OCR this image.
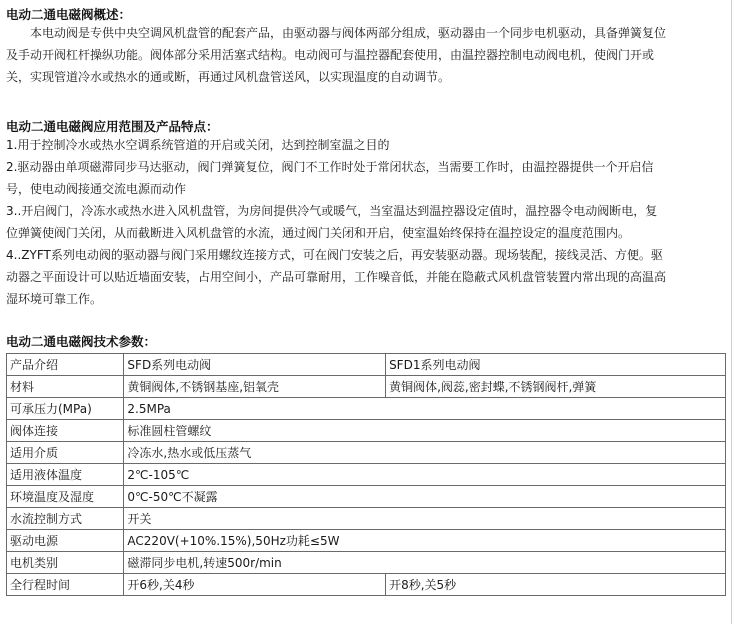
电动二通电磁阀概述：
本电动阀是专供中央空调风机盘管的配套产品，由驱动器与阀体两部分组成，驱动器由一个同步电机驱动，具备弹簧复位
及手动开阀杠杆操纵功能。阀体部分采用活塞式结构。电动阀可与温控器配套使用，由温控器控制电动阀电机，使阀门开或
关，实现管道冷水或热水的通或断，再通过风机盘管送风，以实现温度的自动调节。
电动二通电磁阀应用范围及产品特点：
1.用于控制冷水或热水空调系统管道的开启或关闭，达到控制室温之目的
2.驱动器由单项磁滞同步马达驱动，阀门弹簧复位，阀门不工作时处于常闭状态，当需要工作时，由温控器提供一个开启信
号，使电动阀接通交流电源而动作
3..开启阀门，冷冻水或热水进入风机盘管，为房间提供冷气或暖气，当室温达到温控器设定值时，温控器令电动阀断电，复
位弹簧使阀门关闭，从而截断进入风机盘管的水流，通过阀门关闭和开启，使室温始终保持在温控设定的温度范围内。
4..ZYFT系列电动阀的驱动器与阀门采用螺纹连接方式，可在阀门安装之后，再安装驱动器。现场装配，接线灵活、方便。驱
动器之平面设计可以贴近墙面安装，占用空间小，产品可靠耐用，工作噪音低，并能在隐蔽式风机盘管装置内常出现的高温高
湿环境可靠工作。
电动二通电磁阀技术参数：
产品介绍	SFD系列电动阀	SFD1系列电动阀
材料	黄铜阀体,不锈钢基座,铝氧壳	黄铜阀体,阀蕊,密封蝶,不锈钢阀杆,弹簧
可承压力(MPa)	2.5MPa	
阀体连接	标准圆柱管螺纹	
适用介质	冷冻水,热水或低压蒸气	
适用液体温度	2℃-105℃	
环境温度及湿度	0℃-50℃不凝露	
水流控制方式	开关	
驱动电源	AC220V(+10%.15%),50Hz功耗≤5W	
电机类别	磁滞同步电机,转速500r/min	
全行程时间	开6秒,关4秒	开8秒,关5秒
